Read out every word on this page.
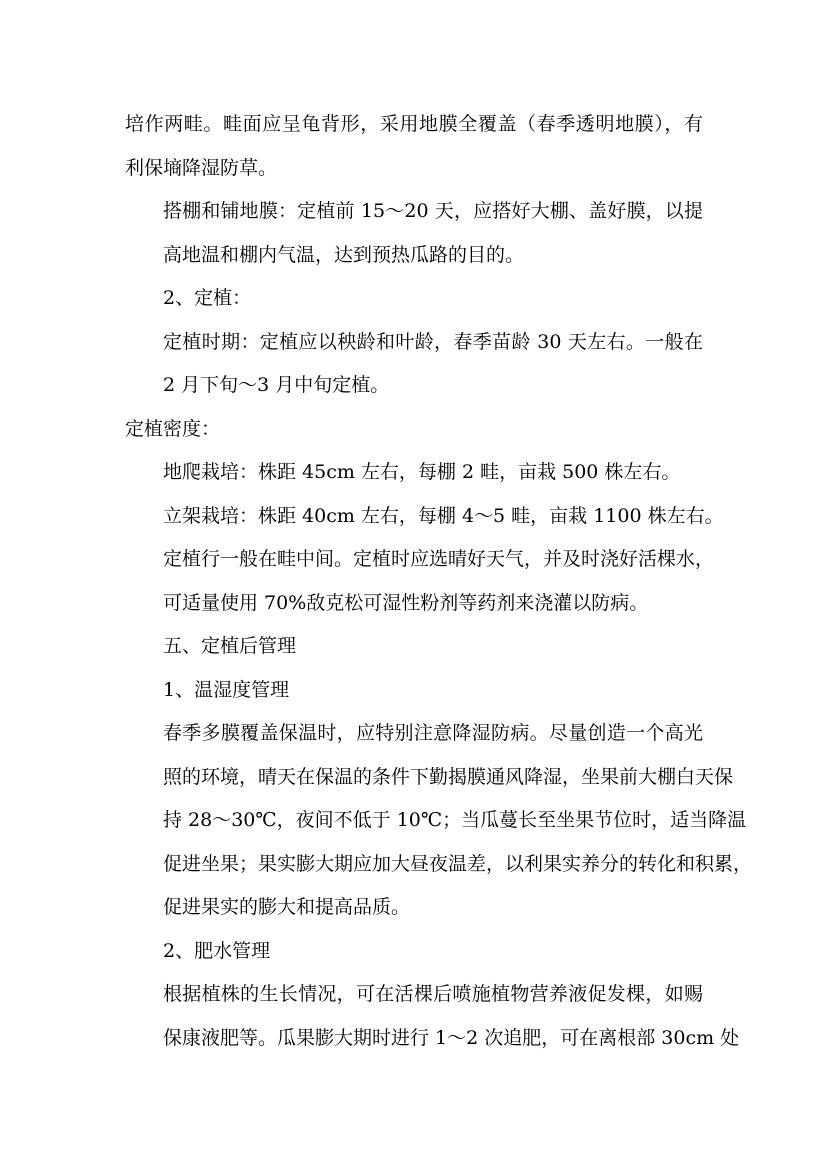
培作两畦。畦面应呈龟背形，采用地膜全覆盖（春季透明地膜），有
利保墒降湿防草。
搭棚和铺地膜：定植前 15～20 天，应搭好大棚、盖好膜，以提
高地温和棚内气温，达到预热瓜路的目的。
2、定植：
定植时期：定植应以秧龄和叶龄，春季苗龄 30 天左右。一般在
2 月下旬～3 月中旬定植。
定植密度：
地爬栽培：株距 45cm 左右，每棚 2 畦，亩栽 500 株左右。
立架栽培：株距 40cm 左右，每棚 4～5 畦，亩栽 1100 株左右。
定植行一般在畦中间。定植时应选晴好天气，并及时浇好活棵水，
可适量使用 70%敌克松可湿性粉剂等药剂来浇灌以防病。
五、定植后管理
1、温湿度管理
春季多膜覆盖保温时，应特别注意降湿防病。尽量创造一个高光
照的环境，晴天在保温的条件下勤揭膜通风降湿，坐果前大棚白天保
持 28～30℃，夜间不低于 10℃；当瓜蔓长至坐果节位时，适当降温
促进坐果；果实膨大期应加大昼夜温差，以利果实养分的转化和积累，
促进果实的膨大和提高品质。
2、肥水管理
根据植株的生长情况，可在活棵后喷施植物营养液促发棵，如赐
保康液肥等。瓜果膨大期时进行 1～2 次追肥，可在离根部 30cm 处
